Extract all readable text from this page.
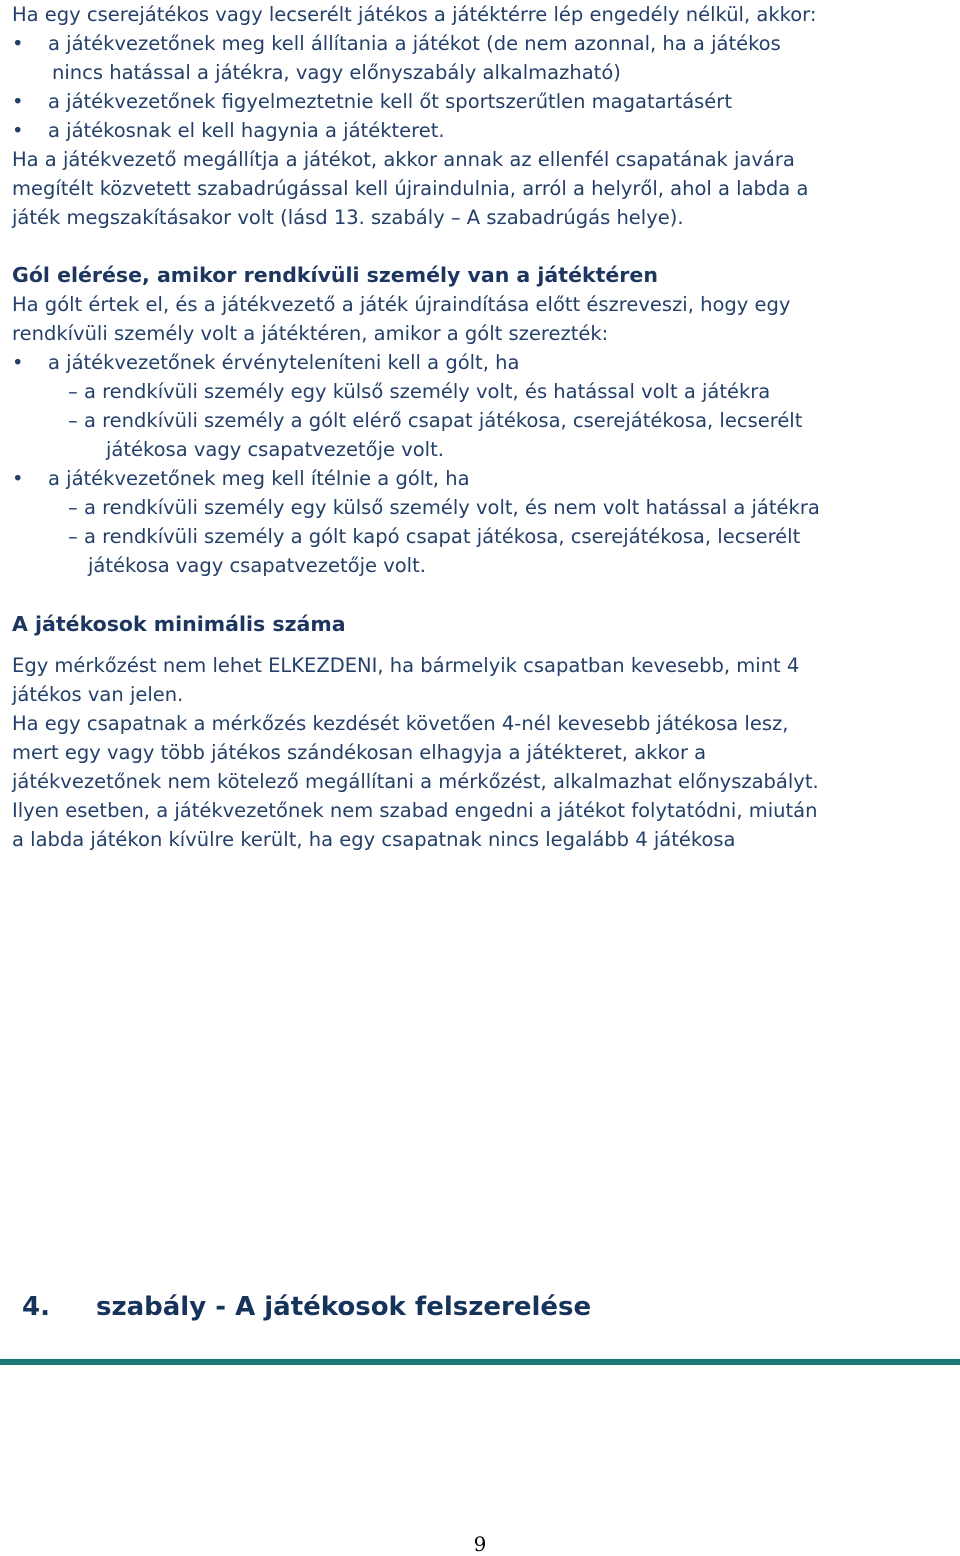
Ha egy cserejátékos vagy lecserélt játékos a játéktérre lép engedély nélkül, akkor:
• a játékvezetőnek meg kell állítania a játékot (de nem azonnal, ha a játékos
nincs hatással a játékra, vagy előnyszabály alkalmazható)
• a játékvezetőnek figyelmeztetnie kell őt sportszerűtlen magatartásért
• a játékosnak el kell hagynia a játékteret.
Ha a játékvezető megállítja a játékot, akkor annak az ellenfél csapatának javára
megítélt közvetett szabadrúgással kell újraindulnia, arról a helyről, ahol a labda a
játék megszakításakor volt (lásd 13. szabály – A szabadrúgás helye).
Gól elérése, amikor rendkívüli személy van a játéktéren
Ha gólt értek el, és a játékvezető a játék újraindítása előtt észreveszi, hogy egy
rendkívüli személy volt a játéktéren, amikor a gólt szerezték:
• a játékvezetőnek érvényteleníteni kell a gólt, ha
– a rendkívüli személy egy külső személy volt, és hatással volt a játékra
– a rendkívüli személy a gólt elérő csapat játékosa, cserejátékosa, lecserélt
játékosa vagy csapatvezetője volt.
• a játékvezetőnek meg kell ítélnie a gólt, ha
– a rendkívüli személy egy külső személy volt, és nem volt hatással a játékra
– a rendkívüli személy a gólt kapó csapat játékosa, cserejátékosa, lecserélt
játékosa vagy csapatvezetője volt.
A játékosok minimális száma
Egy mérkőzést nem lehet ELKEZDENI, ha bármelyik csapatban kevesebb, mint 4
játékos van jelen.
Ha egy csapatnak a mérkőzés kezdését követően 4-nél kevesebb játékosa lesz,
mert egy vagy több játékos szándékosan elhagyja a játékteret, akkor a
játékvezetőnek nem kötelező megállítani a mérkőzést, alkalmazhat előnyszabályt.
Ilyen esetben, a játékvezetőnek nem szabad engedni a játékot folytatódni, miután
a labda játékon kívülre került, ha egy csapatnak nincs legalább 4 játékosa
4. szabály - A játékosok felszerelése
9
